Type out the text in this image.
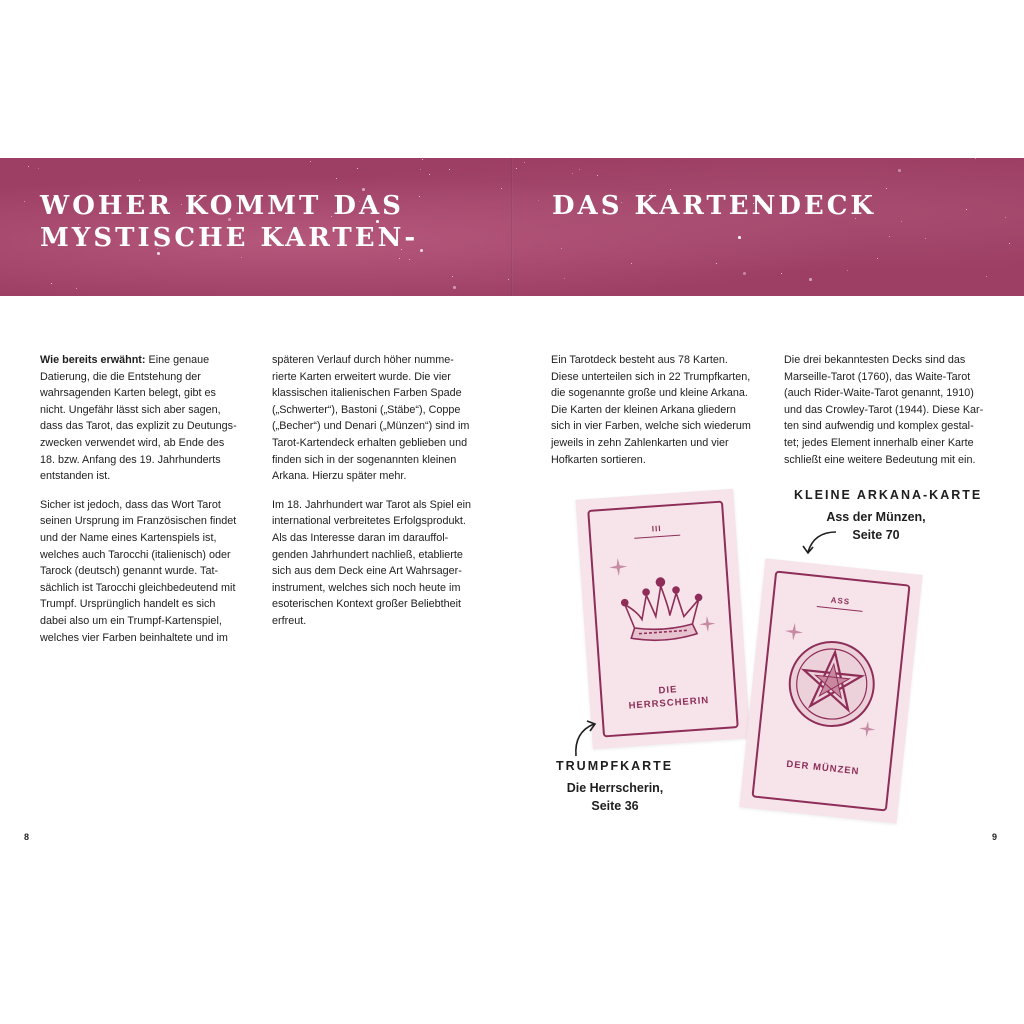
WOHER KOMMT DAS
MYSTISCHE KARTEN-
DAS KARTENDECK

Wie bereits erwähnt: Eine genaue Datierung, die die Entstehung der wahrsagenden Karten belegt, gibt es nicht. Ungefähr lässt sich aber sagen, dass das Tarot, das explizit zu Deutungszwecken verwendet wird, ab Ende des 18. bzw. Anfang des 19. Jahrhunderts entstanden ist.

Sicher ist jedoch, dass das Wort Tarot seinen Ursprung im Französischen findet und der Name eines Kartenspiels ist, welches auch Tarocchi (italienisch) oder Tarock (deutsch) genannt wurde. Tatsächlich ist Tarocchi gleichbedeutend mit Trumpf. Ursprünglich handelt es sich dabei also um ein Trumpf-Kartenspiel, welches vier Farben beinhaltete und im

späteren Verlauf durch höher nummerierte Karten erweitert wurde. Die vier klassischen italienischen Farben Spade („Schwerter“), Bastoni („Stäbe“), Coppe („Becher“) und Denari („Münzen“) sind im Tarot-Kartendeck erhalten geblieben und finden sich in der sogenannten kleinen Arkana. Hierzu später mehr.

Im 18. Jahrhundert war Tarot als Spiel ein international verbreitetes Erfolgsprodukt. Als das Interesse daran im darauffolgenden Jahrhundert nachließ, etablierte sich aus dem Deck eine Art Wahrsagerinstrument, welches sich noch heute im esoterischen Kontext großer Beliebtheit erfreut.

8

Ein Tarotdeck besteht aus 78 Karten. Diese unterteilen sich in 22 Trumpfkarten, die sogenannte große und kleine Arkana. Die Karten der kleinen Arkana gliedern sich in vier Farben, welche sich wiederum jeweils in zehn Zahlenkarten und vier Hofkarten sortieren.

Die drei bekanntesten Decks sind das Marseille-Tarot (1760), das Waite-Tarot (auch Rider-Waite-Tarot genannt, 1910) und das Crowley-Tarot (1944). Diese Karten sind aufwendig und komplex gestaltet; jedes Element innerhalb einer Karte schließt eine weitere Bedeutung mit ein.

9
III
DIE
HERRSCHERIN
ASS
DER MÜNZEN
KLEINE ARKANA-KARTE
Ass der Münzen,
Seite 70
TRUMPFKARTE
Die Herrscherin,
Seite 36
